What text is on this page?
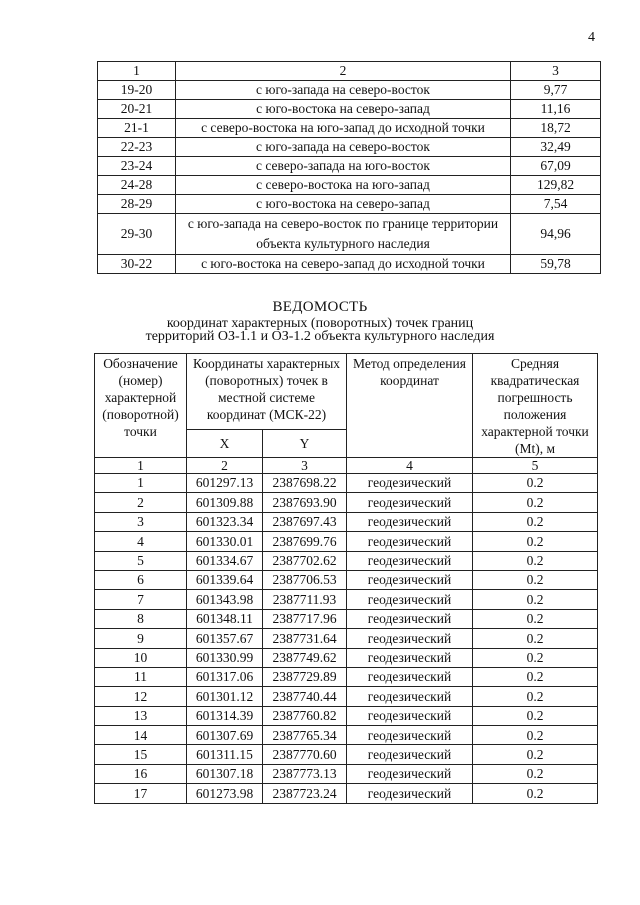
4
1	2	3
19-20	с юго-запада на северо-восток	9,77
20-21	с юго-востока на северо-запад	11,16
21-1	с северо-востока на юго-запад до исходной точки	18,72
22-23	с юго-запада на северо-восток	32,49
23-24	с северо-запада на юго-восток	67,09
24-28	с северо-востока на юго-запад	129,82
28-29	с юго-востока на северо-запад	7,54
29-30	с юго-запада на северо-восток по границе территории объекта культурного наследия	94,96
30-22	с юго-востока на северо-запад до исходной точки	59,78
ВЕДОМОСТЬ
координат характерных (поворотных) точек границ
территорий ОЗ-1.1 и ОЗ-1.2 объекта культурного наследия
Обозначение (номер) характерной (поворотной) точки	Координаты характерных (поворотных) точек в местной системе координат (МСК-22)		Метод определения координат	Средняя квадратическая погрешность положения характерной точки (Mt), м
	X	Y		
1	2	3	4	5
1	601297.13	2387698.22	геодезический	0.2
2	601309.88	2387693.90	геодезический	0.2
3	601323.34	2387697.43	геодезический	0.2
4	601330.01	2387699.76	геодезический	0.2
5	601334.67	2387702.62	геодезический	0.2
6	601339.64	2387706.53	геодезический	0.2
7	601343.98	2387711.93	геодезический	0.2
8	601348.11	2387717.96	геодезический	0.2
9	601357.67	2387731.64	геодезический	0.2
10	601330.99	2387749.62	геодезический	0.2
11	601317.06	2387729.89	геодезический	0.2
12	601301.12	2387740.44	геодезический	0.2
13	601314.39	2387760.82	геодезический	0.2
14	601307.69	2387765.34	геодезический	0.2
15	601311.15	2387770.60	геодезический	0.2
16	601307.18	2387773.13	геодезический	0.2
17	601273.98	2387723.24	геодезический	0.2
